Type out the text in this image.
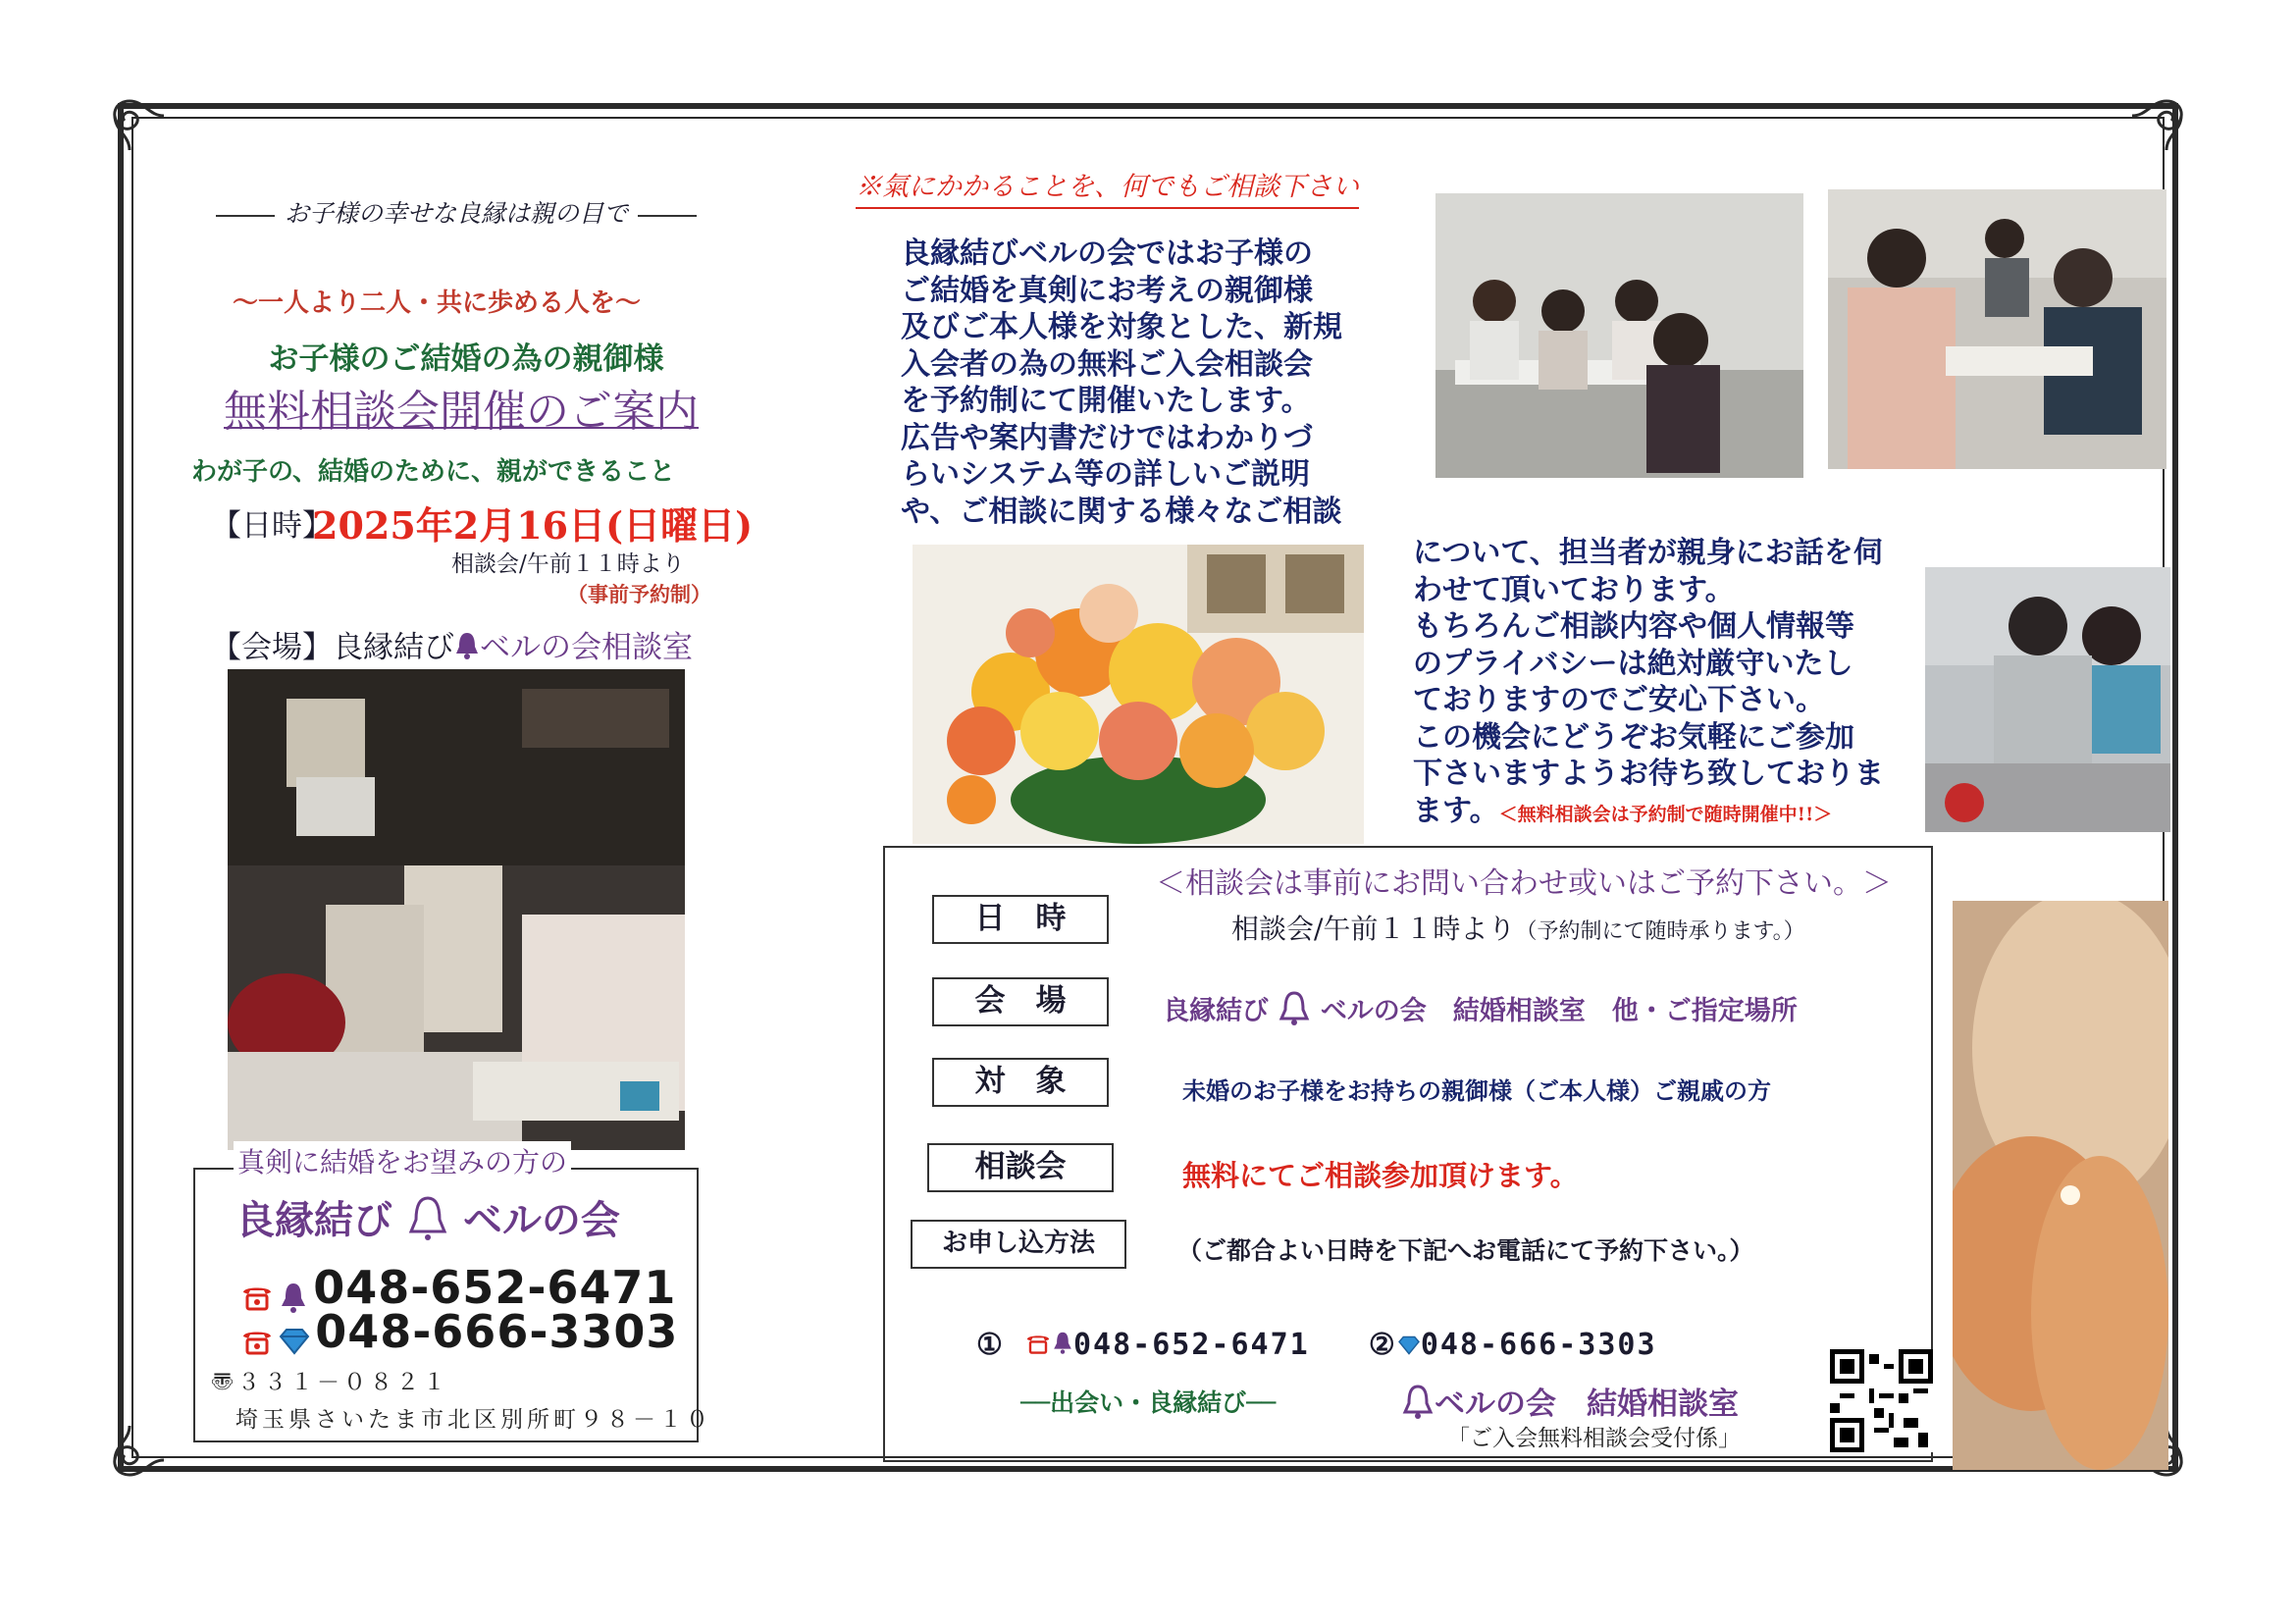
お子様の幸せな良縁は親の目で
～一人より二人・共に歩める人を～
お子様のご結婚の為の親御様
無料相談会開催のご案内
わが子の、結婚のために、親ができること
【日時】
2025年2月16日(日曜日)
相談会/午前１１時より
（事前予約制）
【会場】良縁結び ベルの会相談室
真剣に結婚をお望みの方の
良縁結び ベルの会
048-652-6471
048-666-3303
〠３３１－０８２１
埼玉県さいたま市北区別所町９８－１０
※氣にかかることを、何でもご相談下さい

良縁結びベルの会ではお子様の

ご結婚を真剣にお考えの親御様

及びご本人様を対象とした、新規

入会者の為の無料ご入会相談会

を予約制にて開催いたします。

広告や案内書だけではわかりづ

らいシステム等の詳しいご説明

や、ご相談に関する様々なご相談

について、担当者が親身にお話を伺

わせて頂いております。

もちろんご相談内容や個人情報等

のプライバシーは絶対厳守いたし

ておりますのでご安心下さい。

この機会にどうぞお気軽にご参加

下さいますようお待ち致しておりま

ます。＜無料相談会は予約制で随時開催中!!＞

＜相談会は事前にお問い合わせ或いはご予約下さい。＞
日　時	相談会/午前１１時より（予約制にて随時承ります。）
会　場	良縁結び ベルの会　結婚相談室　他・ご指定場所
対　象	未婚のお子様をお持ちの親御様（ご本人様）ご親戚の方
相談会	無料にてご相談参加頂けます。
お申し込方法	（ご都合よい日時を下記へお電話にて予約下さい。）
① 048-652-6471 ② 048-666-3303
──出会い・良縁結び──	ベルの会　結婚相談室
「ご入会無料相談会受付係」
